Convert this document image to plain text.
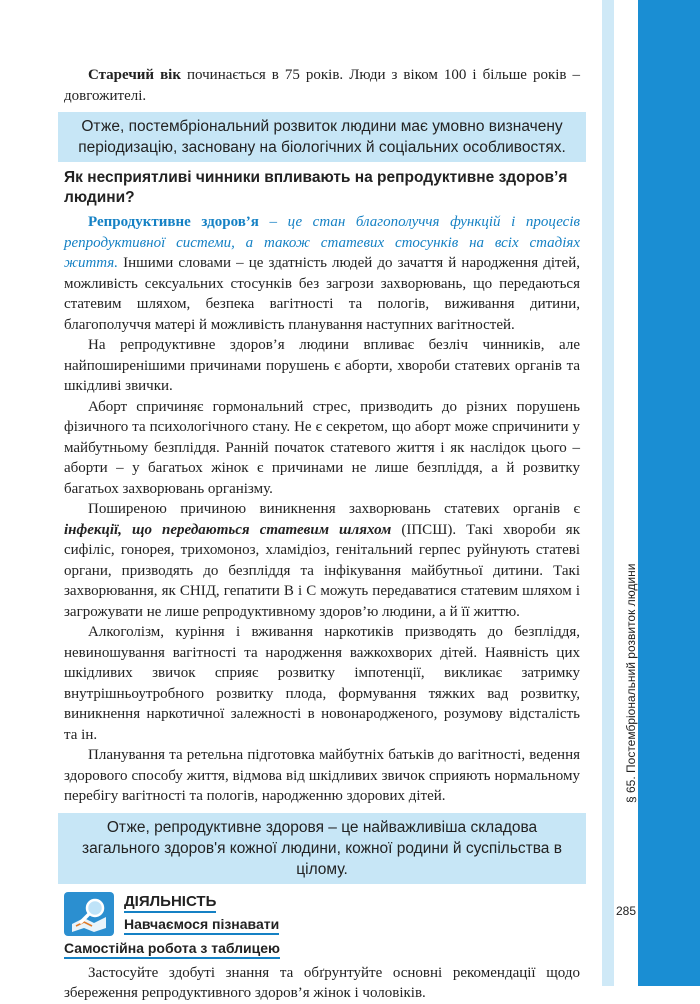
Старечий вік починається в 75 років. Люди з віком 100 і більше років – довгожителі.

Отже, постембріональний розвиток людини має умовно визначену періодизацію, засновану на біологічних й соціальних особливостях.
Як несприятливі чинники впливають на репродуктивне здоров’я людини?

Репродуктивне здоров’я – це стан благополуччя функцій і процесів репродуктивної системи, а також статевих стосунків на всіх стадіях життя. Іншими словами – це здатність людей до зачаття й народження дітей, можливість сексуальних стосунків без загрози захворювань, що передаються статевим шляхом, безпека вагітності та пологів, виживання дитини, благополуччя матері й можливість планування наступних вагітностей.

На репродуктивне здоров’я людини впливає безліч чинників, але найпоширенішими причинами порушень є аборти, хвороби статевих органів та шкідливі звички.

Аборт спричиняє гормональний стрес, призводить до різних порушень фізичного та психологічного стану. Не є секретом, що аборт може спричинити у майбутньому безпліддя. Ранній початок статевого життя і як наслідок цього – аборти – у багатьох жінок є причинами не лише безпліддя, а й розвитку багатьох захворювань організму.

Поширеною причиною виникнення захворювань статевих органів є інфекції, що передаються статевим шляхом (ІПСШ). Такі хвороби як сифіліс, гонорея, трихомоноз, хламідіоз, генітальний герпес руйнують статеві органи, призводять до безпліддя та інфікування майбутньої дитини. Такі захворювання, як СНІД, гепатити В і С можуть передаватися статевим шляхом і загрожувати не лише репродуктивному здоров’ю людини, а й її життю.

Алкоголізм, куріння і вживання наркотиків призводять до безпліддя, невиношування вагітності та народження важкохворих дітей. Наявність цих шкідливих звичок сприяє розвитку імпотенції, викликає затримку внутрішньоутробного розвитку плода, формування тяжких вад розвитку, виникнення наркотичної залежності в новонародженого, розумову відсталість та ін.

Планування та ретельна підготовка майбутніх батьків до вагітності, ведення здорового способу життя, відмова від шкідливих звичок сприяють нормальному перебігу вагітності та пологів, народженню здорових дітей.

Отже, репродуктивне здоровя – це найважливіша складова загального здоров'я кожної людини, кожної родини й суспільства в цілому.
ДІЯЛЬНІСТЬ
Навчаємося пізнавати
Самостійна робота з таблицею

Застосуйте здобуті знання та обґрунтуйте основні рекомендації щодо збереження репродуктивного здоров’я жінок і чоловіків.

§ 65. Постембріональний розвиток людини
285
